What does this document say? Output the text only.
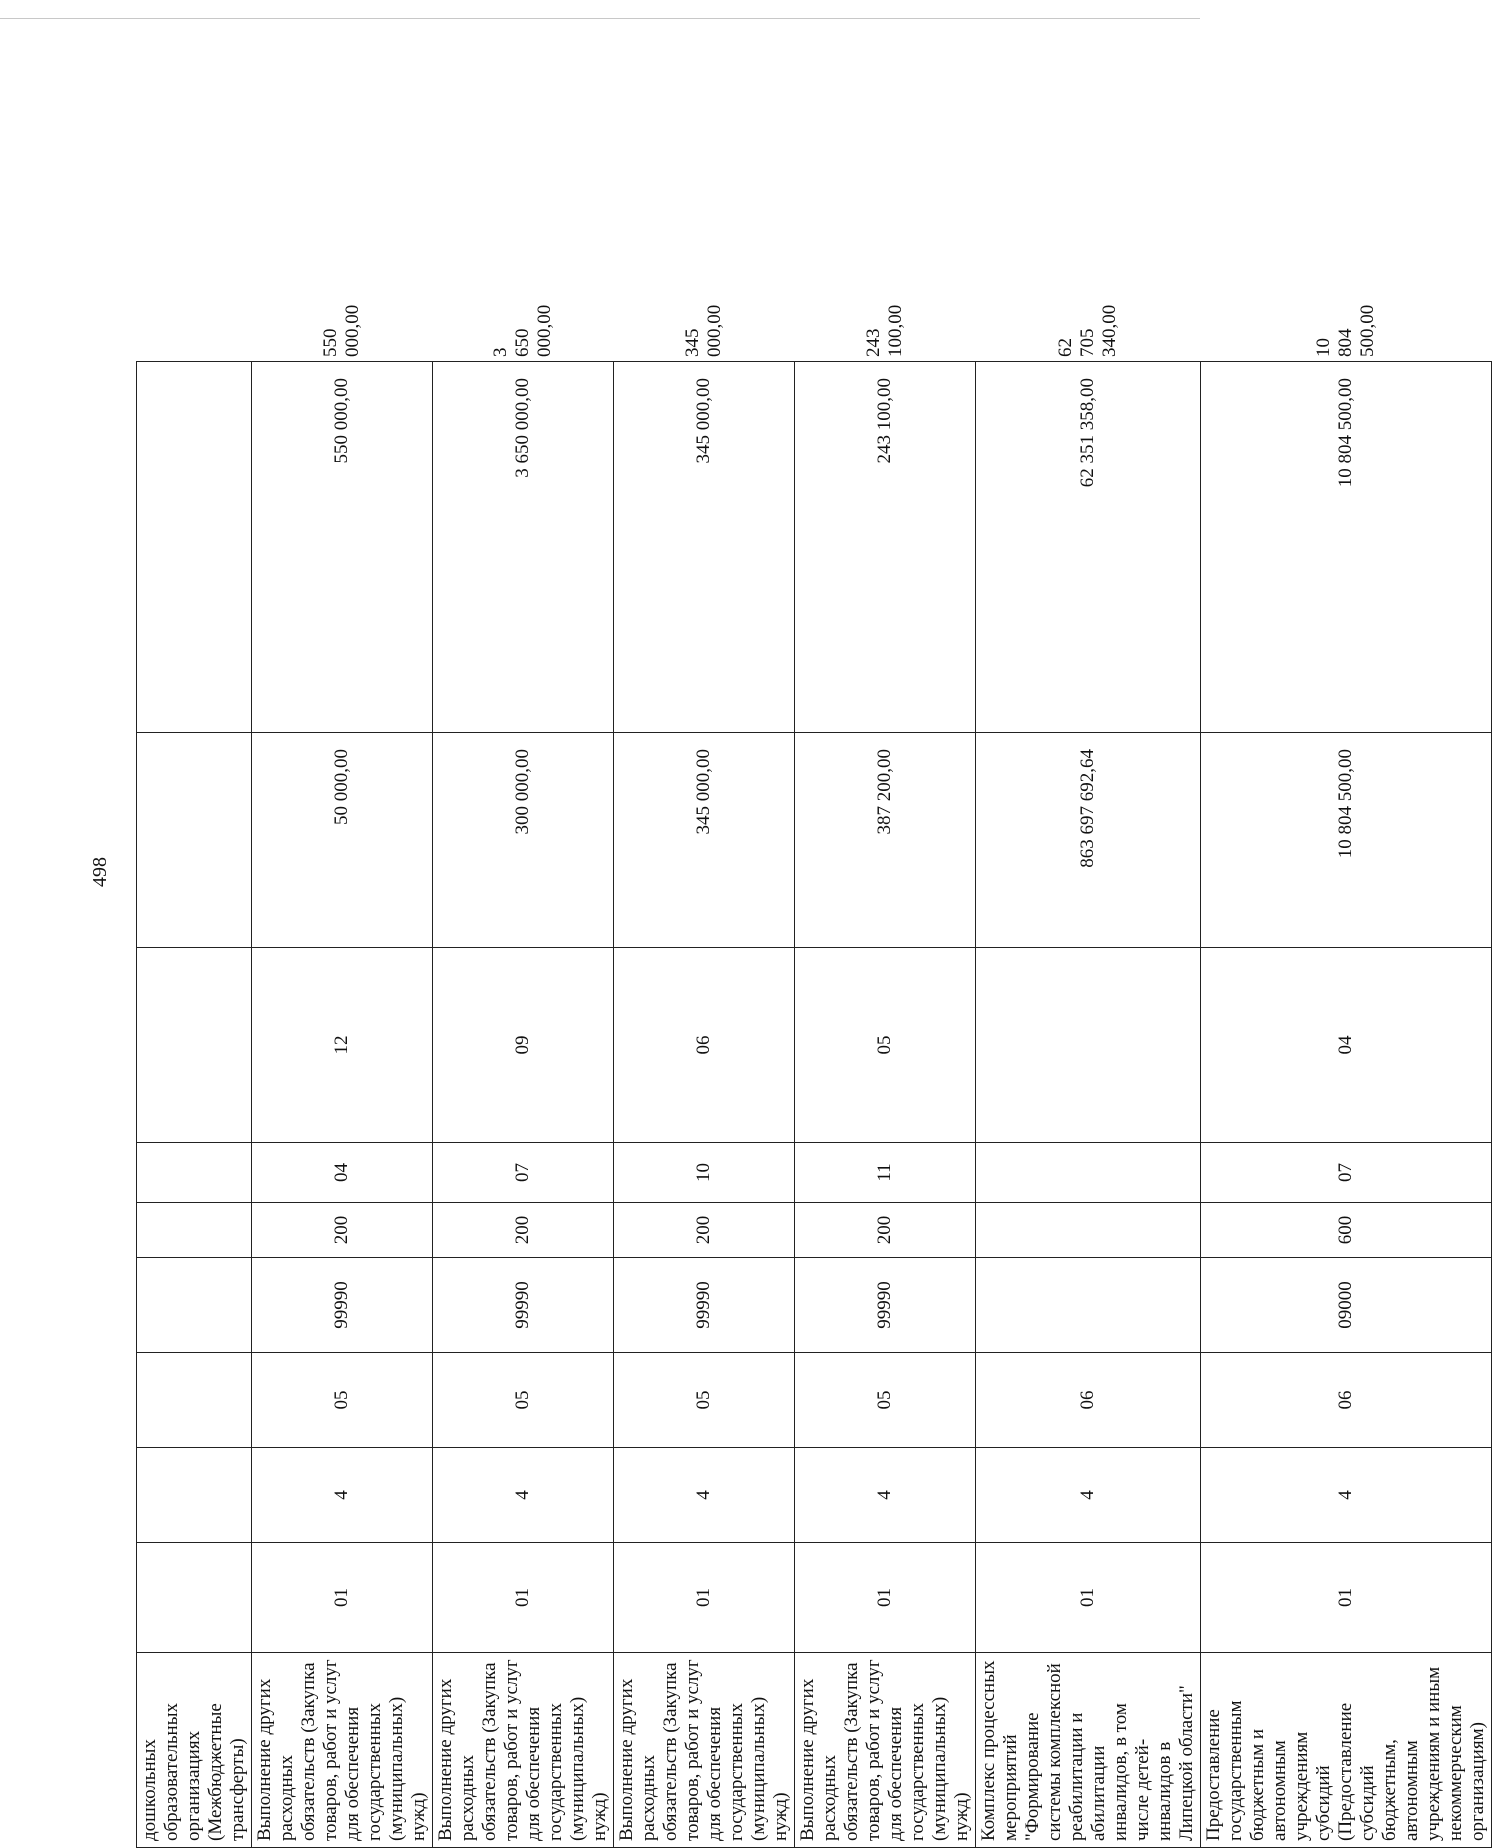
498
дошкольных образовательных организациях (Межбюджетные трансферты)										
Выполнение других расходных обязательств (Закупка товаров, работ и услуг для обеспечения государственных (муниципальных) нужд)	01	4	05	99990	200	04	12	50 000,00	550 000,00	550 000,00
Выполнение других расходных обязательств (Закупка товаров, работ и услуг для обеспечения государственных (муниципальных) нужд)	01	4	05	99990	200	07	09	300 000,00	3 650 000,00	3 650 000,00
Выполнение других расходных обязательств (Закупка товаров, работ и услуг для обеспечения государственных (муниципальных) нужд)	01	4	05	99990	200	10	06	345 000,00	345 000,00	345 000,00
Выполнение других расходных обязательств (Закупка товаров, работ и услуг для обеспечения государственных (муниципальных) нужд)	01	4	05	99990	200	11	05	387 200,00	243 100,00	243 100,00
Комплекс процессных мероприятий "Формирование системы комплексной реабилитации и абилитации инвалидов, в том числе детей-инвалидов в Липецкой области"	01	4	06					863 697 692,64	62 351 358,00	62 705 340,00
Предоставление государственным бюджетным и автономным учреждениям субсидий (Предоставление субсидий бюджетным, автономным учреждениям и иным некоммерческим организациям)	01	4	06	09000	600	07	04	10 804 500,00	10 804 500,00	10 804 500,00
